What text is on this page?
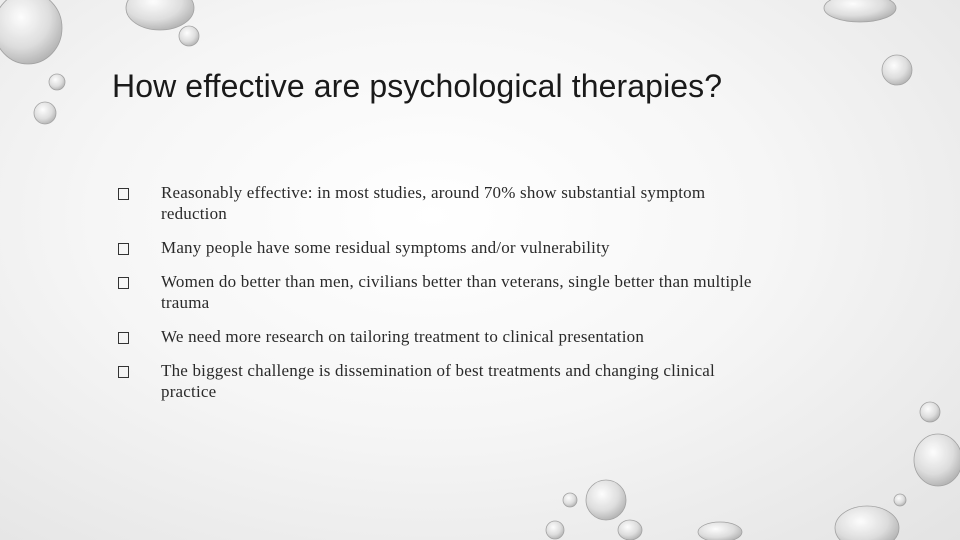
How effective are psychological therapies?
Reasonably effective: in most studies, around 70% show substantial symptom reduction
Many people have some residual symptoms and/or vulnerability
Women do better than men, civilians better than veterans, single better than multiple trauma
We need more research on tailoring treatment to clinical presentation
The biggest challenge is dissemination of best treatments and changing clinical practice
